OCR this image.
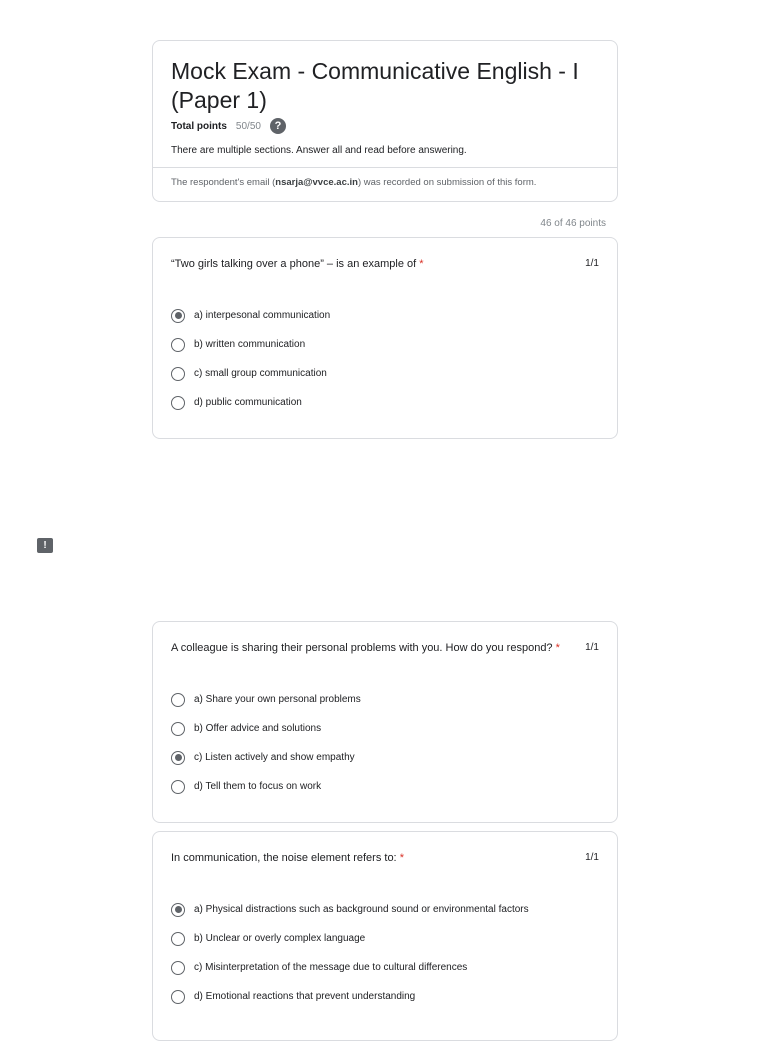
Mock Exam - Communicative English - I (Paper 1)
Total points 50/50	?
There are multiple sections. Answer all and read before answering.
The respondent's email (nsarja@vvce.ac.in) was recorded on submission of this form.
46 of 46 points
“Two girls talking over a phone” – is an example of *	1/1
a) interpesonal communication
b) written communication
c) small group communication
d) public communication
!
A colleague is sharing their personal problems with you. How do you respond? *	1/1
a) Share your own personal problems
b) Offer advice and solutions
c) Listen actively and show empathy
d) Tell them to focus on work
In communication, the noise element refers to: *	1/1
a) Physical distractions such as background sound or environmental factors
b) Unclear or overly complex language
c) Misinterpretation of the message due to cultural differences
d) Emotional reactions that prevent understanding
